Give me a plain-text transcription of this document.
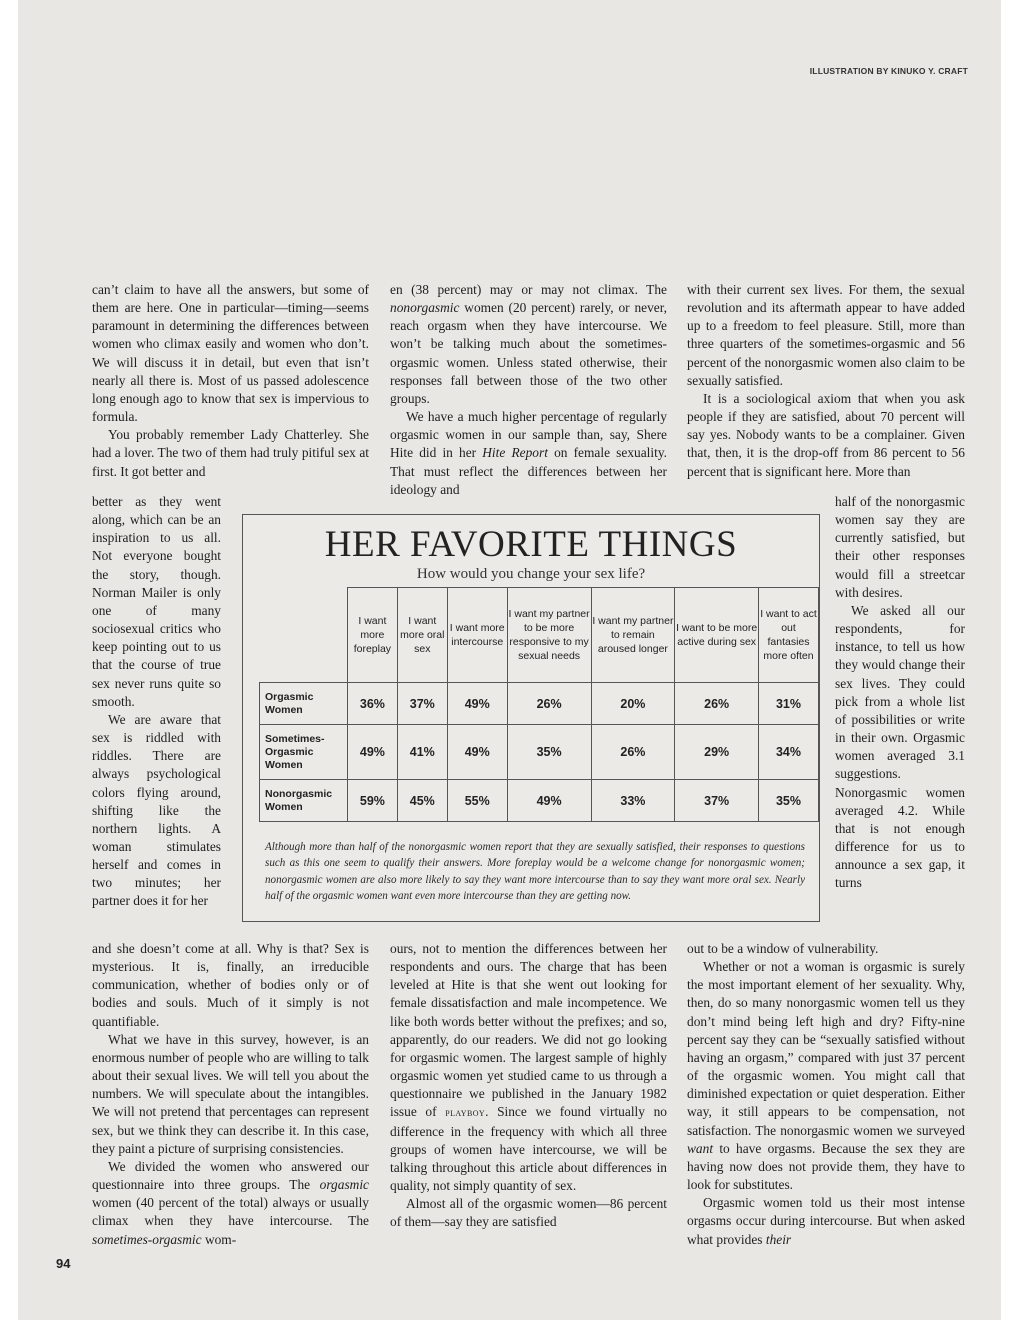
ILLUSTRATION BY KINUKO Y. CRAFT

can’t claim to have all the answers, but some of them are here. One in particular—timing—seems paramount in determining the differences between women who climax easily and women who don’t. We will discuss it in detail, but even that isn’t nearly all there is. Most of us passed adolescence long enough ago to know that sex is impervious to formula.

You probably remember Lady Chatterley. She had a lover. The two of them had truly pitiful sex at first. It got better and

better as they went along, which can be an inspiration to us all. Not everyone bought the story, though. Norman Mailer is only one of many sociosexual critics who keep pointing out to us that the course of true sex never runs quite so smooth.

We are aware that sex is riddled with riddles. There are always psychological colors flying around, shifting like the northern lights. A woman stimulates herself and comes in two minutes; her partner does it for her

and she doesn’t come at all. Why is that? Sex is mysterious. It is, finally, an irreducible communication, whether of bodies only or of bodies and souls. Much of it simply is not quantifiable.

What we have in this survey, however, is an enormous number of people who are willing to talk about their sexual lives. We will tell you about the numbers. We will speculate about the intangibles. We will not pretend that percentages can represent sex, but we think they can describe it. In this case, they paint a picture of surprising consistencies.

We divided the women who answered our questionnaire into three groups. The orgasmic women (40 percent of the total) always or usually climax when they have intercourse. The sometimes-orgasmic wom-

en (38 percent) may or may not climax. The nonorgasmic women (20 percent) rarely, or never, reach orgasm when they have intercourse. We won’t be talking much about the sometimes-orgasmic women. Unless stated otherwise, their responses fall between those of the two other groups.

We have a much higher percentage of regularly orgasmic women in our sample than, say, Shere Hite did in her Hite Report on female sexuality. That must reflect the differences between her ideology and

ours, not to mention the differences between her respondents and ours. The charge that has been leveled at Hite is that she went out looking for female dissatisfaction and male incompetence. We like both words better without the prefixes; and so, apparently, do our readers. We did not go looking for orgasmic women. The largest sample of highly orgasmic women yet studied came to us through a questionnaire we published in the January 1982 issue of playboy. Since we found virtually no difference in the frequency with which all three groups of women have intercourse, we will be talking throughout this article about differences in quality, not simply quantity of sex.

Almost all of the orgasmic women—86 percent of them—say they are satisfied

with their current sex lives. For them, the sexual revolution and its aftermath appear to have added up to a freedom to feel pleasure. Still, more than three quarters of the sometimes-orgasmic and 56 percent of the nonorgasmic women also claim to be sexually satisfied.

It is a sociological axiom that when you ask people if they are satisfied, about 70 percent will say yes. Nobody wants to be a complainer. Given that, then, it is the drop-off from 86 percent to 56 percent that is significant here. More than

half of the nonorgasmic women say they are currently satisfied, but their other responses would fill a streetcar with desires.

We asked all our respondents, for instance, to tell us how they would change their sex lives. They could pick from a whole list of possibilities or write in their own. Orgasmic women averaged 3.1 suggestions. Nonorgasmic women averaged 4.2. While that is not enough difference for us to announce a sex gap, it turns

out to be a window of vulnerability.

Whether or not a woman is orgasmic is surely the most important element of her sexuality. Why, then, do so many nonorgasmic women tell us they don’t mind being left high and dry? Fifty-nine percent say they can be “sexually satisfied without having an orgasm,” compared with just 37 percent of the orgasmic women. You might call that diminished expectation or quiet desperation. Either way, it still appears to be compensation, not satisfaction. The nonorgasmic women we surveyed want to have orgasms. Because the sex they are having now does not provide them, they have to look for substitutes.

Orgasmic women told us their most intense orgasms occur during intercourse. But when asked what provides their

HER FAVORITE THINGS
How would you change your sex life?
	I want more foreplay	I want more oral sex	I want more intercourse	I want my partner to be more responsive to my sexual needs	I want my partner to remain aroused longer	I want to be more active during sex	I want to act out fantasies more often
Orgasmic Women	36%	37%	49%	26%	20%	26%	31%
Sometimes-Orgasmic Women	49%	41%	49%	35%	26%	29%	34%
Nonorgasmic Women	59%	45%	55%	49%	33%	37%	35%
Although more than half of the nonorgasmic women report that they are sexually satisfied, their responses to questions such as this one seem to qualify their answers. More foreplay would be a welcome change for nonorgasmic women; nonorgasmic women are also more likely to say they want more intercourse than to say they want more oral sex. Nearly half of the orgasmic women want even more intercourse than they are getting now.
94
